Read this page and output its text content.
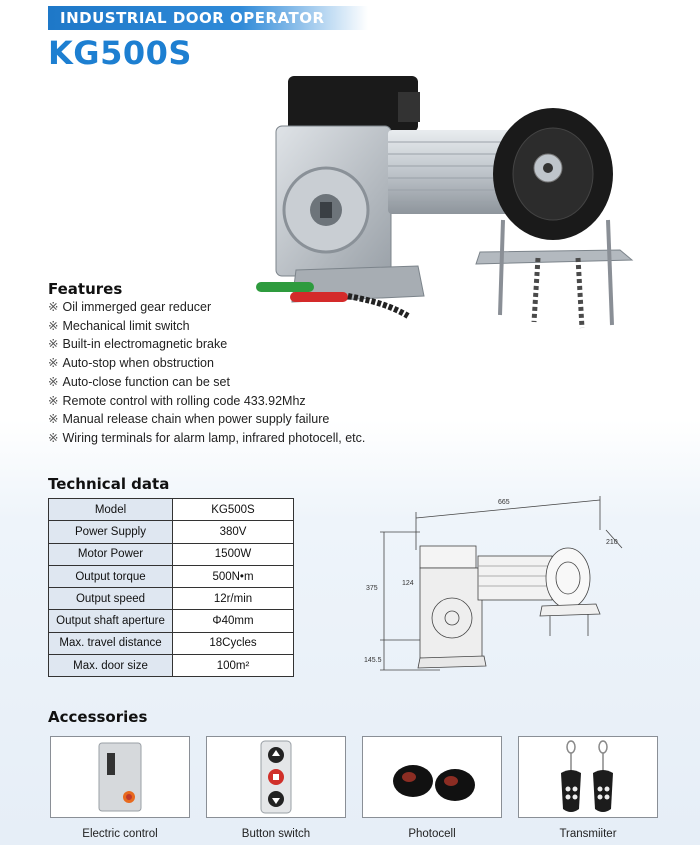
INDUSTRIAL DOOR OPERATOR
KG500S
Features
※ Oil immerged gear reducer
※ Mechanical limit switch
※ Built-in electromagnetic brake
※ Auto-stop when obstruction
※ Auto-close function can be set
※ Remote control with rolling code 433.92Mhz
※ Manual release chain when power supply failure
※ Wiring terminals for alarm lamp, infrared photocell, etc.
Technical data
Model	KG500S
Power Supply	380V
Motor Power	1500W
Output torque	500N•m
Output speed	12r/min
Output shaft aperture	Φ40mm
Max. travel distance	18Cycles
Max. door size	100m²
665
210
375
124
145.5
Accessories
Electric control	Button switch	Photocell	Transmiiter
